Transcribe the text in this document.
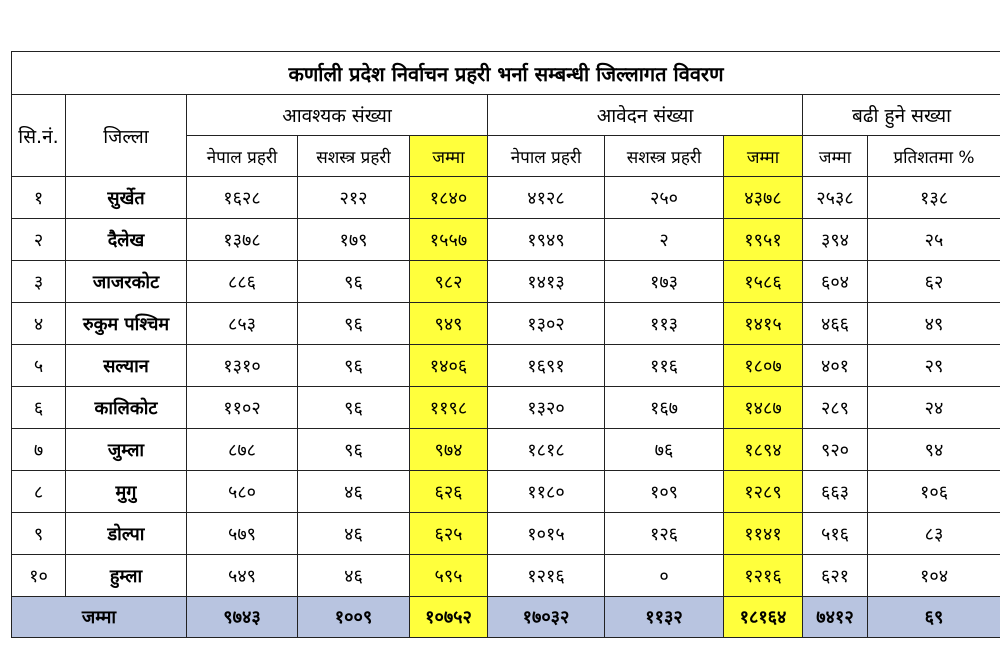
कर्णाली प्रदेश निर्वाचन प्रहरी भर्ना सम्बन्धी जिल्लागत विवरण									
सि.नं.	जिल्ला	आवश्यक संख्या			आवेदन संख्या			बढी हुने सख्या	
		नेपाल प्रहरी	सशस्त्र प्रहरी	जम्मा	नेपाल प्रहरी	सशस्त्र प्रहरी	जम्मा	जम्मा	प्रतिशतमा %
१	सुर्खेत	१६२८	२१२	१८४०	४१२८	२५०	४३७८	२५३८	१३८
२	दैलेख	१३७८	१७९	१५५७	१९४९	२	१९५१	३९४	२५
३	जाजरकोट	८८६	९६	९८२	१४१३	१७३	१५८६	६०४	६२
४	रुकुम पश्चिम	८५३	९६	९४९	१३०२	११३	१४१५	४६६	४९
५	सल्यान	१३१०	९६	१४०६	१६९१	११६	१८०७	४०१	२९
६	कालिकोट	११०२	९६	११९८	१३२०	१६७	१४८७	२८९	२४
७	जुम्ला	८७८	९६	९७४	१८१८	७६	१८९४	९२०	९४
८	मुगु	५८०	४६	६२६	११८०	१०९	१२८९	६६३	१०६
९	डोल्पा	५७९	४६	६२५	१०१५	१२६	११४१	५१६	८३
१०	हुम्ला	५४९	४६	५९५	१२१६	०	१२१६	६२१	१०४
जम्मा		९७४३	१००९	१०७५२	१७०३२	११३२	१८१६४	७४१२	६९
